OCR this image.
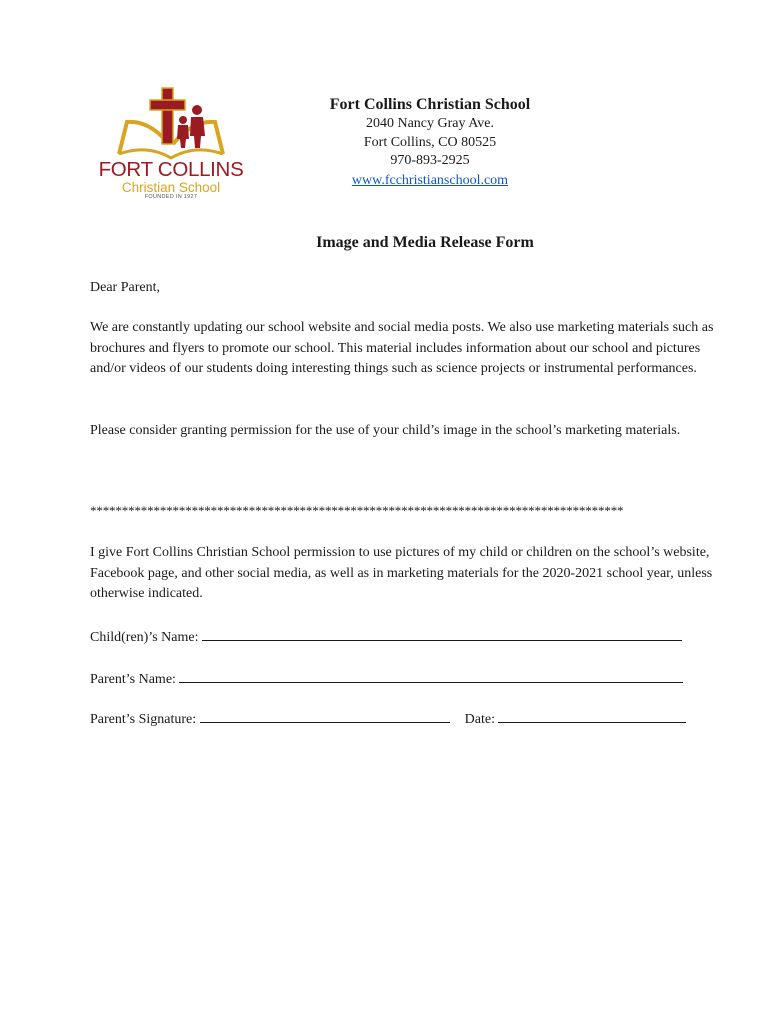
FORT COLLINS
Christian School
FOUNDED IN 1927
Fort Collins Christian School
2040 Nancy Gray Ave.
Fort Collins, CO 80525
970-893-2925
www.fcchristianschool.com
Image and Media Release Form
Dear Parent,
We are constantly updating our school website and social media posts. We also use marketing materials such as brochures and flyers to promote our school. This material includes information about our school and pictures and/or videos of our students doing interesting things such as science projects or instrumental performances.
Please consider granting permission for the use of your child’s image in the school’s marketing materials.
************************************************************************************
I give Fort Collins Christian School permission to use pictures of my child or children on the school’s website, Facebook page, and other social media, as well as in marketing materials for the 2020-2021 school year, unless otherwise indicated.
Child(ren)’s Name:
Parent’s Name:
Parent’s Signature:	Date:
